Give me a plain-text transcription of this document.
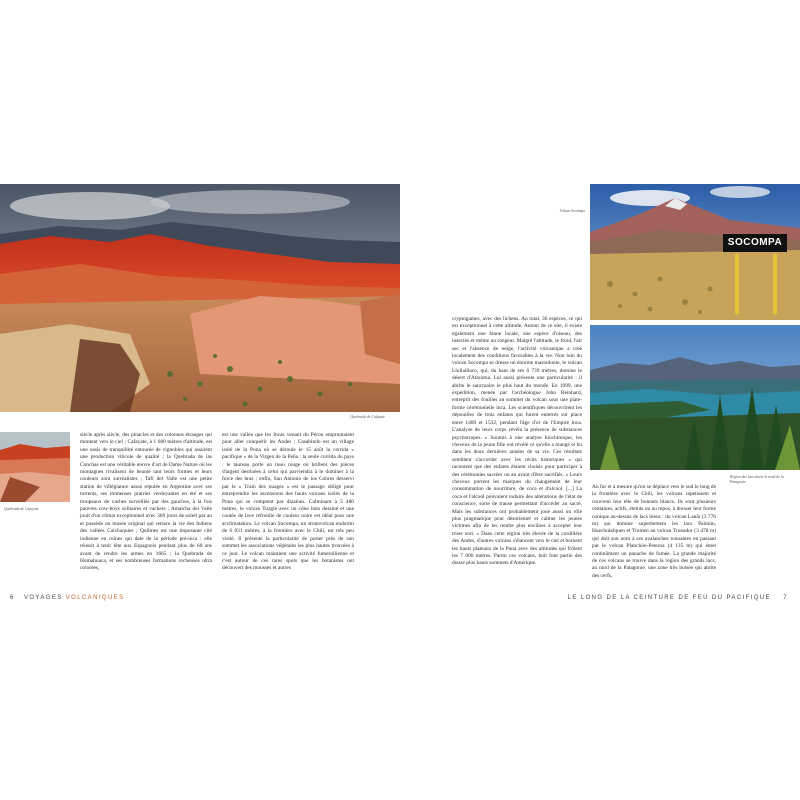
Quebrada de Cafayate
Quebrada de Cafayate

siècle après siècle, des pinacles et des colonnes étranges qui montent vers le ciel ; Cafayate, à 1 600 mètres d'altitude, est une oasis de tranquillité entourée de vignobles qui assurent une production viticole de qualité ; la Quebrada de las Conchas est une véritable œuvre d'art de Dame Nature où les montagnes rivalisent de beauté tant leurs formes et leurs couleurs sont surréalistes ; Tafí del Valle est une petite station de villégiature assez réputée en Argentine avec ses torrents, ses immenses prairies verdoyantes en été et ses troupeaux de vaches surveillés par des gauchos, à la fois pauvres cow-boys solitaires et vachers ; Amaicha del Valle jouit d'un climat exceptionnel avec 360 jours de soleil par an et possède un musée original qui retrace la vie des Indiens des vallées Calchaquies ; Quilmes est une imposante cité indienne en ruines qui date de la période pré-inca : elle réussit à tenir tête aux Espagnols pendant plus de 60 ans avant de rendre les armes en 1665 ; la Quebrada de Humahuaca, et ses nombreuses formations rocheuses ultra colorées,

est une vallée que les Incas venant du Pérou empruntaient pour aller conquérir les Andes ; Casabindo est un village isolé de la Puna où se déroule le 15 août la corrida « pacifique » de la Virgen de la Peña : la seule corrida du pays : le taureau porte un tissu rouge où brillent des pièces d'argent destinées à celui qui parviendra à le dominer à la force des bras ; enfin, San Antonio de los Cobres desservi par le « Train des nuages » est le passage obligé pour entreprendre les ascensions des hauts volcans isolés de la Puna qui se comptent par dizaines. Culminant à 5 480 mètres, le volcan Tuzgle avec un cône bien dessiné et une coulée de lave refroidie de couleur noire est idéal pour une acclimatation. Le volcan Socompa, un stratovolcan endormi de 6 031 mètres, à la frontière avec le Chili, est très peu visité. Il présente la particularité de porter près de son sommet les associations végétales les plus hautes trouvées à ce jour. Le volcan maintient une activité fumerollienne et c'est autour de ces rares spots que les botanistes ont découvert des mousses et autres

6 VOYAGES VOLCANIQUES
Volcan Socompa
SOCOMPA
Région des lacs située le nord de la Patagonie

cryptogames, avec des lichens. Au total, 36 espèces, ce qui est exceptionnel à cette altitude. Autour de ce site, il existe également une faune locale, une espèce d'oiseau, des insectes et même un rongeur. Malgré l'altitude, le froid, l'air sec et l'absence de neige, l'activité volcanique a créé localement des conditions favorables à la vie. Non loin du volcan Socompa se dresse un énorme mastodonte, le volcan Llullaillaco, qui, du haut de ses 6 739 mètres, domine le désert d'Atacama. Lui aussi présente une particularité : il abrite le sanctuaire le plus haut du monde. En 1999, une expédition, menée par l'archéologue John Reinhard, entreprit des fouilles au sommet du volcan sous une plate-forme cérémonielle inca. Les scientifiques découvrirent les dépouilles de trois enfants qui furent enterrés sur place entre 1400 et 1532, pendant l'âge d'or de l'Empire inca. L'analyse de leurs corps révéla la présence de substances psychotropes. « Soumis à une analyse biochimique, les cheveux de la jeune fille ont révélé ce qu'elle a mangé et bu dans les deux dernières années de sa vie. Ces résultats semblent s'accorder avec les récits historiques » qui racontent que des enfants étaient choisis pour participer à des cérémonies sacrées un an avant d'être sacrifiés. « Leurs cheveux portent les marques du changement de leur consommation de nourriture, de coca et d'alcool. [...] La coca et l'alcool pouvaient induire des altérations de l'état de conscience, sorte de transe permettant d'accéder au sacré. Mais les substances ont probablement joué aussi un rôle plus pragmatique pour désorienter et calmer les jeunes victimes afin de les rendre plus enclines à accepter leur triste sort. » Dans cette région très élevée de la cordillère des Andes, d'autres volcans s'élancent vers le ciel et bornent les hauts plateaux de la Puna avec des altitudes qui frôlent les 7 000 mètres. Parmi ces volcans, huit font partie des douze plus hauts sommets d'Amérique.

Au fur et à mesure qu'on se déplace vers le sud le long de la frontière avec le Chili, les volcans rapetissent et couvrent leur tête de bonnets blancs. Ils sont plusieurs centaines, actifs, éteints ou au repos, à dresser leur forme conique au-dessus de lacs bleus : du volcan Lanín (3 776 m) qui domine superbement les lacs Paimún, Huechulafquen et Tromen au volcan Tronador (3 478 m) qui doit son nom à ses avalanches tonnantes en passant par le volcan Planchón-Peteroa (4 135 m) qui émet continûment un panache de fumée. La grande majorité de ces volcans se trouve dans la région des grands lacs, au nord de la Patagonie, une zone très boisée qui abrite des cerfs,

LE LONG DE LA CEINTURE DE FEU DU PACIFIQUE 7
